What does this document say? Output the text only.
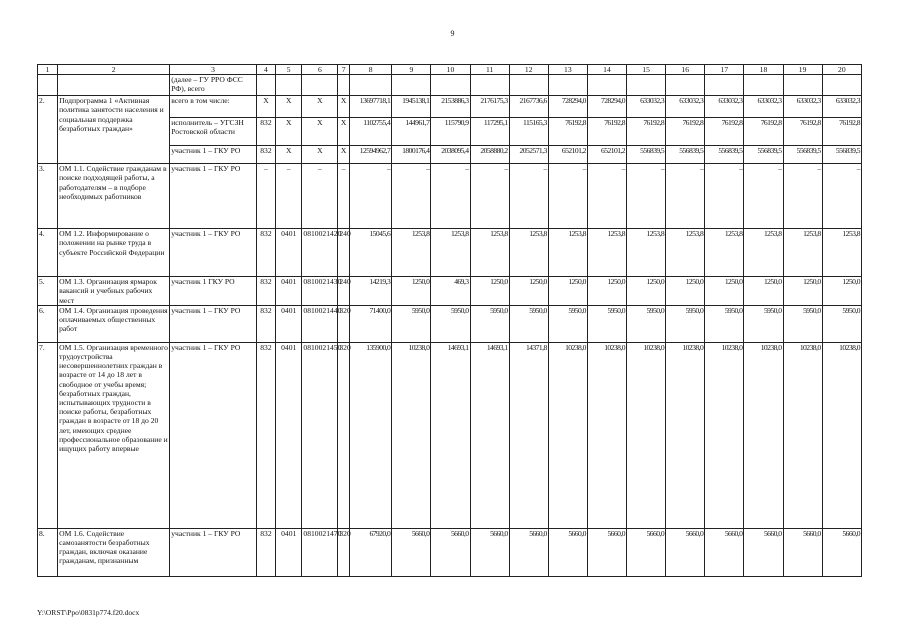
9
1	2	3	4	5	6	7	8	9	10	11	12	13	14	15	16	17	18	19	20
		(далее – ГУ РРО ФСС РФ), всего																	
2.	Подпрограмма 1 «Активная политика занятости населения и социальная поддержка безработных граждан»	всего в том числе:	Х	Х	Х	Х	13697718,1	1945138,1	2153886,3	2176175,3	2167736,6	728294,0	728294,0	633032,3	633032,3	633032,3	633032,3	633032,3	633032,3
		исполнитель – УГСЗН Ростовской области	832	Х	Х	Х	1102755,4	144961,7	115790,9	117295,1	115165,3	76192,8	76192,8	76192,8	76192,8	76192,8	76192,8	76192,8	76192,8
		участник 1 – ГКУ РО	832	Х	Х	Х	12594962,7	1800176,4	2038095,4	2058880,2	2052571,3	652101,2	652101,2	556839,5	556839,5	556839,5	556839,5	556839,5	556839,5
3.	ОМ 1.1. Содействие гражданам в поиске подходящей работы, а работодателям – в подборе необходимых работников	участник 1 – ГКУ РО	–	–	–	–	–	–	–	–	–	–	–	–	–	–	–	–	–
4.	ОМ 1.2. Информирование о положении на рынке труда в субъекте Российской Федерации	участник 1 – ГКУ РО	832	0401	0810021420	240	15045,6	1253,8	1253,8	1253,8	1253,8	1253,8	1253,8	1253,8	1253,8	1253,8	1253,8	1253,8	1253,8
5.	ОМ 1.3. Организация ярмарок вакансий и учебных рабочих мест	участник 1 ГКУ РО	832	0401	0810021430	240	14219,3	1250,0	469,3	1250,0	1250,0	1250,0	1250,0	1250,0	1250,0	1250,0	1250,0	1250,0	1250,0
6.	ОМ 1.4. Организация проведения оплачиваемых общественных работ	участник 1 – ГКУ РО	832	0401	0810021440	320	71400,0	5950,0	5950,0	5950,0	5950,0	5950,0	5950,0	5950,0	5950,0	5950,0	5950,0	5950,0	5950,0
7.	ОМ 1.5. Организация временного трудоустройства несовершеннолетних граждан в возрасте от 14 до 18 лет в свободное от учебы время; безработных граждан, испытывающих трудности в поиске работы, безработных граждан в возрасте от 18 до 20 лет, имеющих среднее профессиональное образование и ищущих работу впервые	участник 1 – ГКУ РО	832	0401	0810021450	320	135900,0	10238,0	14693,1	14693,1	14371,8	10238,0	10238,0	10238,0	10238,0	10238,0	10238,0	10238,0	10238,0
8.	ОМ 1.6. Содействие самозанятости безработных граждан, включая оказание гражданам, признанным	участник 1 – ГКУ РО	832	0401	0810021470	320	67920,0	5660,0	5660,0	5660,0	5660,0	5660,0	5660,0	5660,0	5660,0	5660,0	5660,0	5660,0	5660,0
Y:\ORST\Ppo\0831p774.f20.docx
